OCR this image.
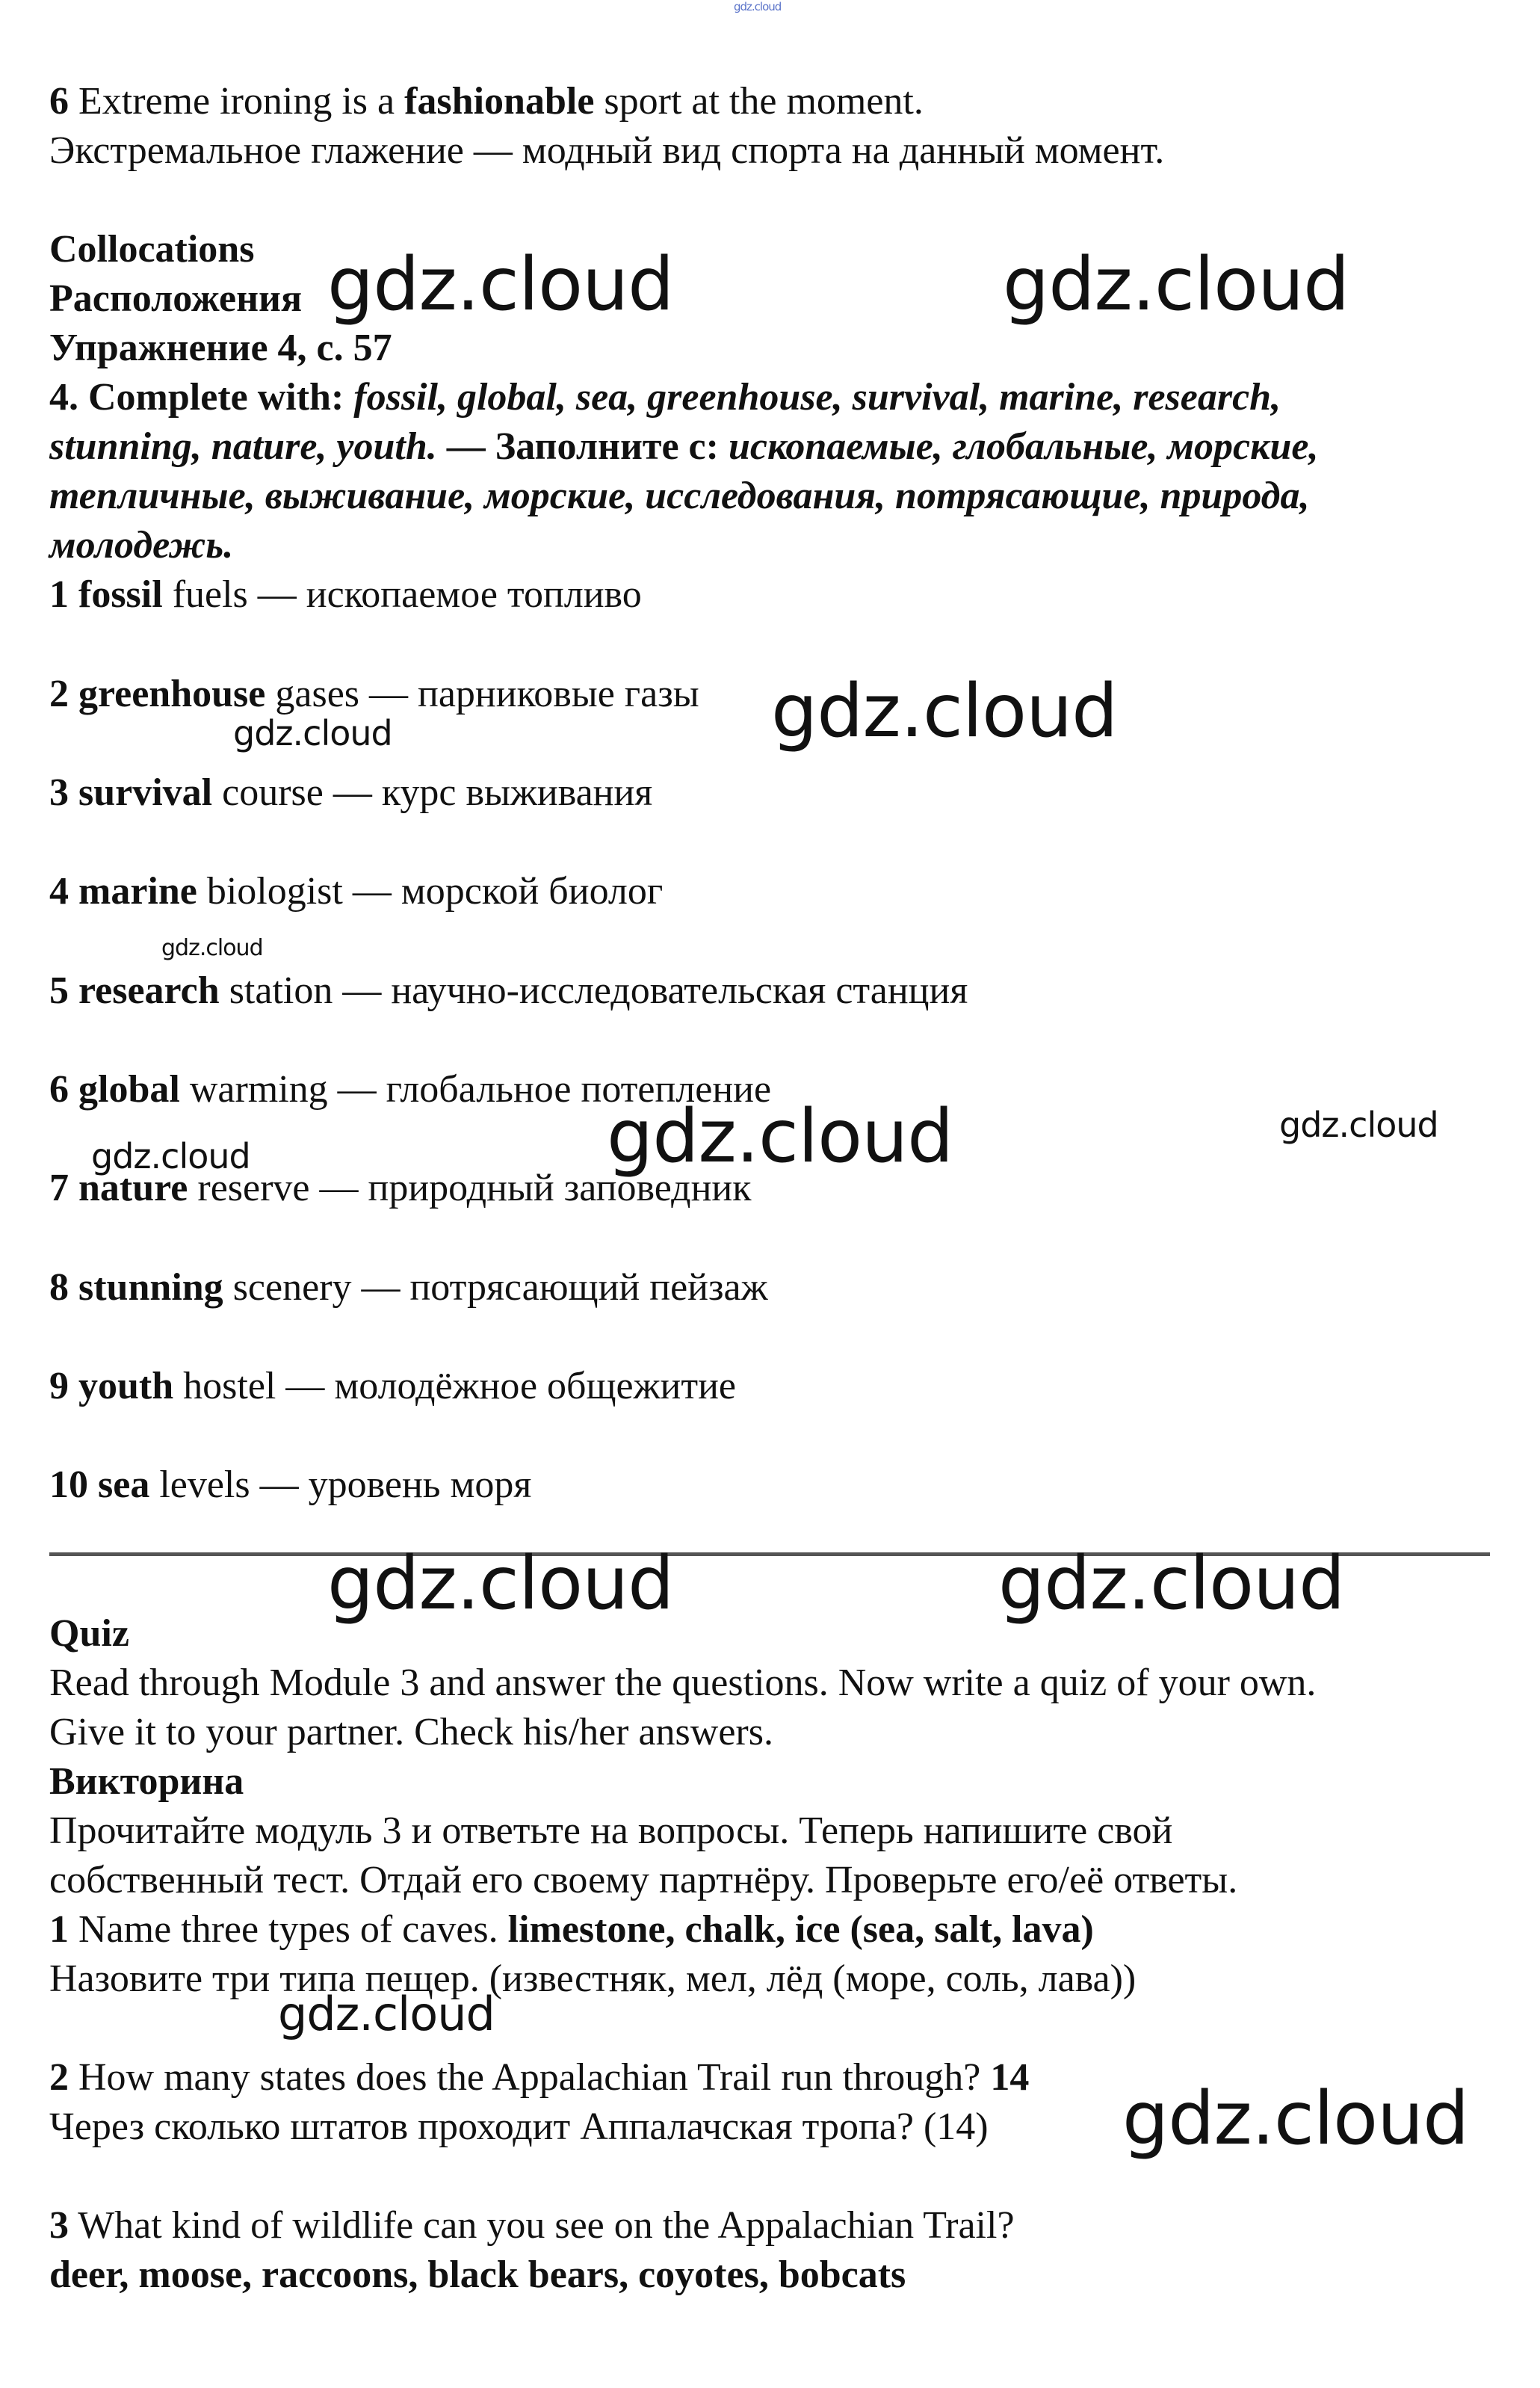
gdz.cloud
6 Extreme ironing is a fashionable sport at the moment.
Экстремальное глажение — модный вид спорта на данный момент.
Collocations
Расположения
Упражнение 4, с. 57
4. Complete with: fossil, global, sea, greenhouse, survival, marine, research,
stunning, nature, youth. — Заполните с: ископаемые, глобальные, морские,
тепличные, выживание, морские, исследования, потрясающие, природа,
молодежь.
1 fossil fuels — ископаемое топливо
2 greenhouse gases — парниковые газы
3 survival course — курс выживания
4 marine biologist — морской биолог
5 research station — научно-исследовательская станция
6 global warming — глобальное потепление
7 nature reserve — природный заповедник
8 stunning scenery — потрясающий пейзаж
9 youth hostel — молодёжное общежитие
10 sea levels — уровень моря
Quiz
Read through Module 3 and answer the questions. Now write a quiz of your own.
Give it to your partner. Check his/her answers.
Викторина
Прочитайте модуль 3 и ответьте на вопросы. Теперь напишите свой
собственный тест. Отдай его своему партнёру. Проверьте его/её ответы.
1 Name three types of caves. limestone, chalk, ice (sea, salt, lava)
Назовите три типа пещер. (известняк, мел, лёд (море, соль, лава))
2 How many states does the Appalachian Trail run through? 14
Через сколько штатов проходит Аппалачская тропа? (14)
3 What kind of wildlife can you see on the Appalachian Trail?
deer, moose, raccoons, black bears, coyotes, bobcats
gdz.cloud	gdz.cloud
gdz.cloud
gdz.cloud
gdz.cloud
gdz.cloud	gdz.cloud
gdz.cloud
gdz.cloud	gdz.cloud
gdz.cloud
gdz.cloud
